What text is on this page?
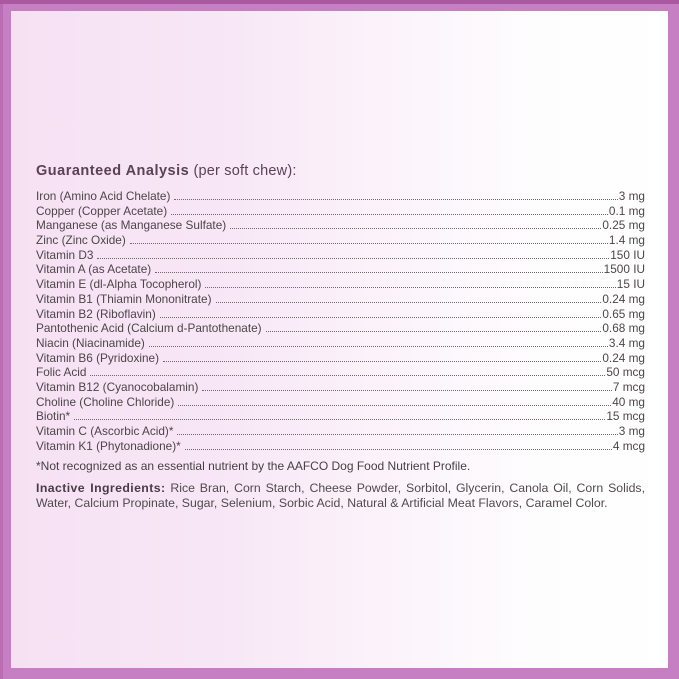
Guaranteed Analysis (per soft chew):
Iron (Amino Acid Chelate)	3 mg
Copper (Copper Acetate)	0.1 mg
Manganese (as Manganese Sulfate)	0.25 mg
Zinc (Zinc Oxide)	1.4 mg
Vitamin D3	150 IU
Vitamin A (as Acetate)	1500 IU
Vitamin E (dl-Alpha Tocopherol)	15 IU
Vitamin B1 (Thiamin Mononitrate)	0.24 mg
Vitamin B2 (Riboflavin)	0.65 mg
Pantothenic Acid (Calcium d-Pantothenate)	0.68 mg
Niacin (Niacinamide)	3.4 mg
Vitamin B6 (Pyridoxine)	0.24 mg
Folic Acid	50 mcg
Vitamin B12 (Cyanocobalamin)	7 mcg
Choline (Choline Chloride)	40 mg
Biotin*	15 mcg
Vitamin C (Ascorbic Acid)*	3 mg
Vitamin K1 (Phytonadione)*	4 mcg
*Not recognized as an essential nutrient by the AAFCO Dog Food Nutrient Profile.
Inactive Ingredients: Rice Bran, Corn Starch, Cheese Powder, Sorbitol, Glycerin, Canola Oil, Corn Solids, Water, Calcium Propinate, Sugar, Selenium, Sorbic Acid, Natural & Artificial Meat Flavors, Caramel Color.
